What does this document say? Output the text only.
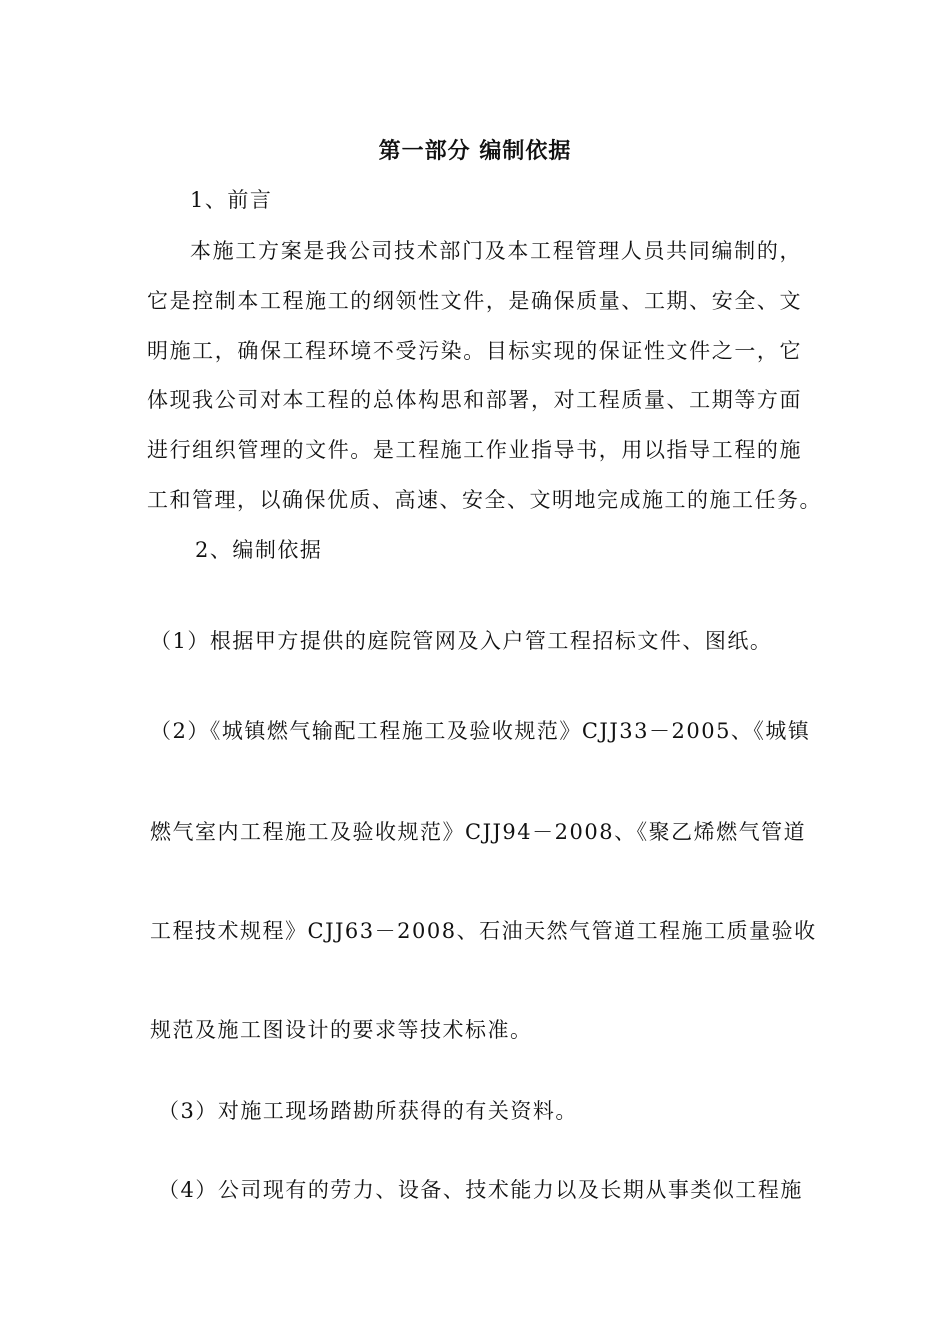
第一部分 编制依据
1、前言
本施工方案是我公司技术部门及本工程管理人员共同编制的，
它是控制本工程施工的纲领性文件，是确保质量、工期、安全、文
明施工，确保工程环境不受污染。目标实现的保证性文件之一，它
体现我公司对本工程的总体构思和部署，对工程质量、工期等方面
进行组织管理的文件。是工程施工作业指导书，用以指导工程的施
工和管理，以确保优质、高速、安全、文明地完成施工的施工任务。
2、编制依据
（1）根据甲方提供的庭院管网及入户管工程招标文件、图纸。
（2）《城镇燃气输配工程施工及验收规范》CJJ33－2005、《城镇
燃气室内工程施工及验收规范》CJJ94－2008、《聚乙烯燃气管道
工程技术规程》CJJ63－2008、石油天然气管道工程施工质量验收
规范及施工图设计的要求等技术标准。
（3）对施工现场踏勘所获得的有关资料。
（4）公司现有的劳力、设备、技术能力以及长期从事类似工程施
